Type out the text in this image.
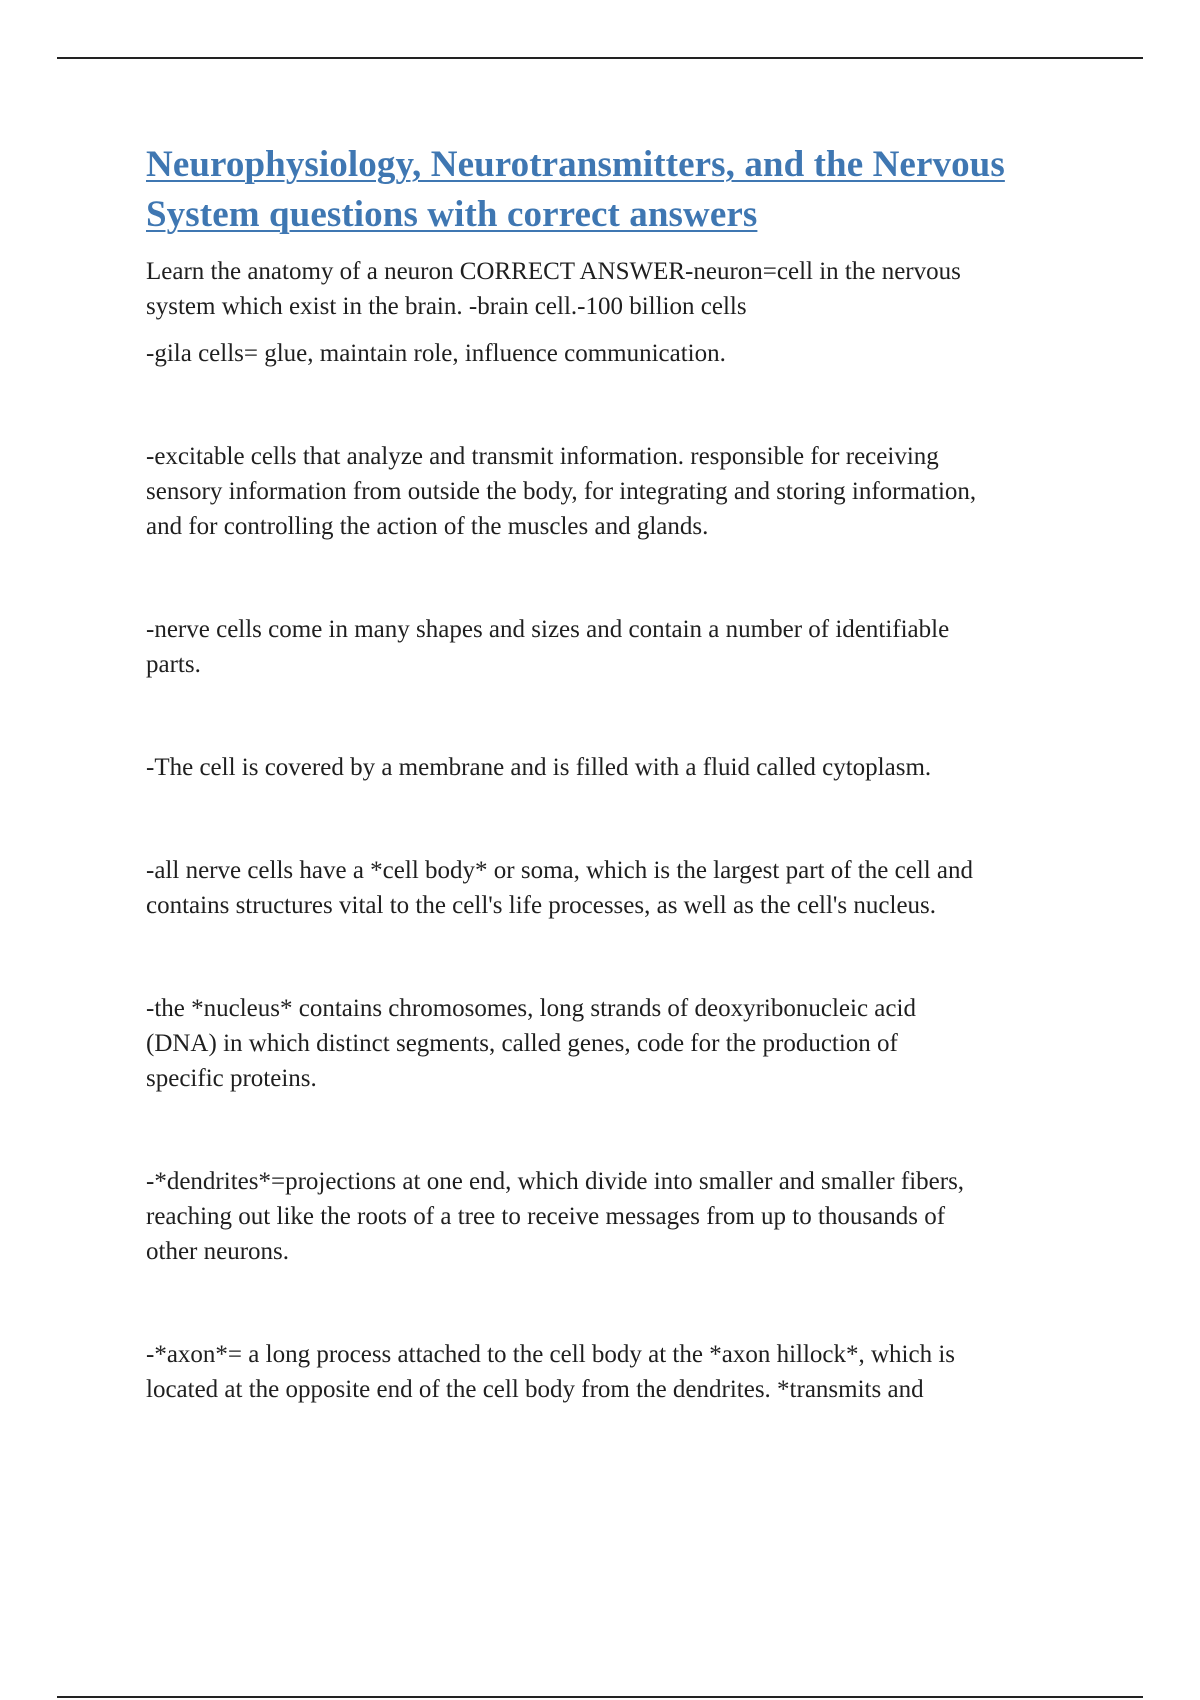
Neurophysiology, Neurotransmitters, and the Nervous System questions with correct answers

Learn the anatomy of a neuron CORRECT ANSWER-neuron=cell in the nervous
system which exist in the brain. -brain cell.-100 billion cells

-gila cells= glue, maintain role, influence communication.

-excitable cells that analyze and transmit information. responsible for receiving
sensory information from outside the body, for integrating and storing information,
and for controlling the action of the muscles and glands.

-nerve cells come in many shapes and sizes and contain a number of identifiable
parts.

-The cell is covered by a membrane and is filled with a fluid called cytoplasm.

-all nerve cells have a *cell body* or soma, which is the largest part of the cell and
contains structures vital to the cell's life processes, as well as the cell's nucleus.

-the *nucleus* contains chromosomes, long strands of deoxyribonucleic acid
(DNA) in which distinct segments, called genes, code for the production of
specific proteins.

-*dendrites*=projections at one end, which divide into smaller and smaller fibers,
reaching out like the roots of a tree to receive messages from up to thousands of
other neurons.

-*axon*= a long process attached to the cell body at the *axon hillock*, which is
located at the opposite end of the cell body from the dendrites. *transmits and
